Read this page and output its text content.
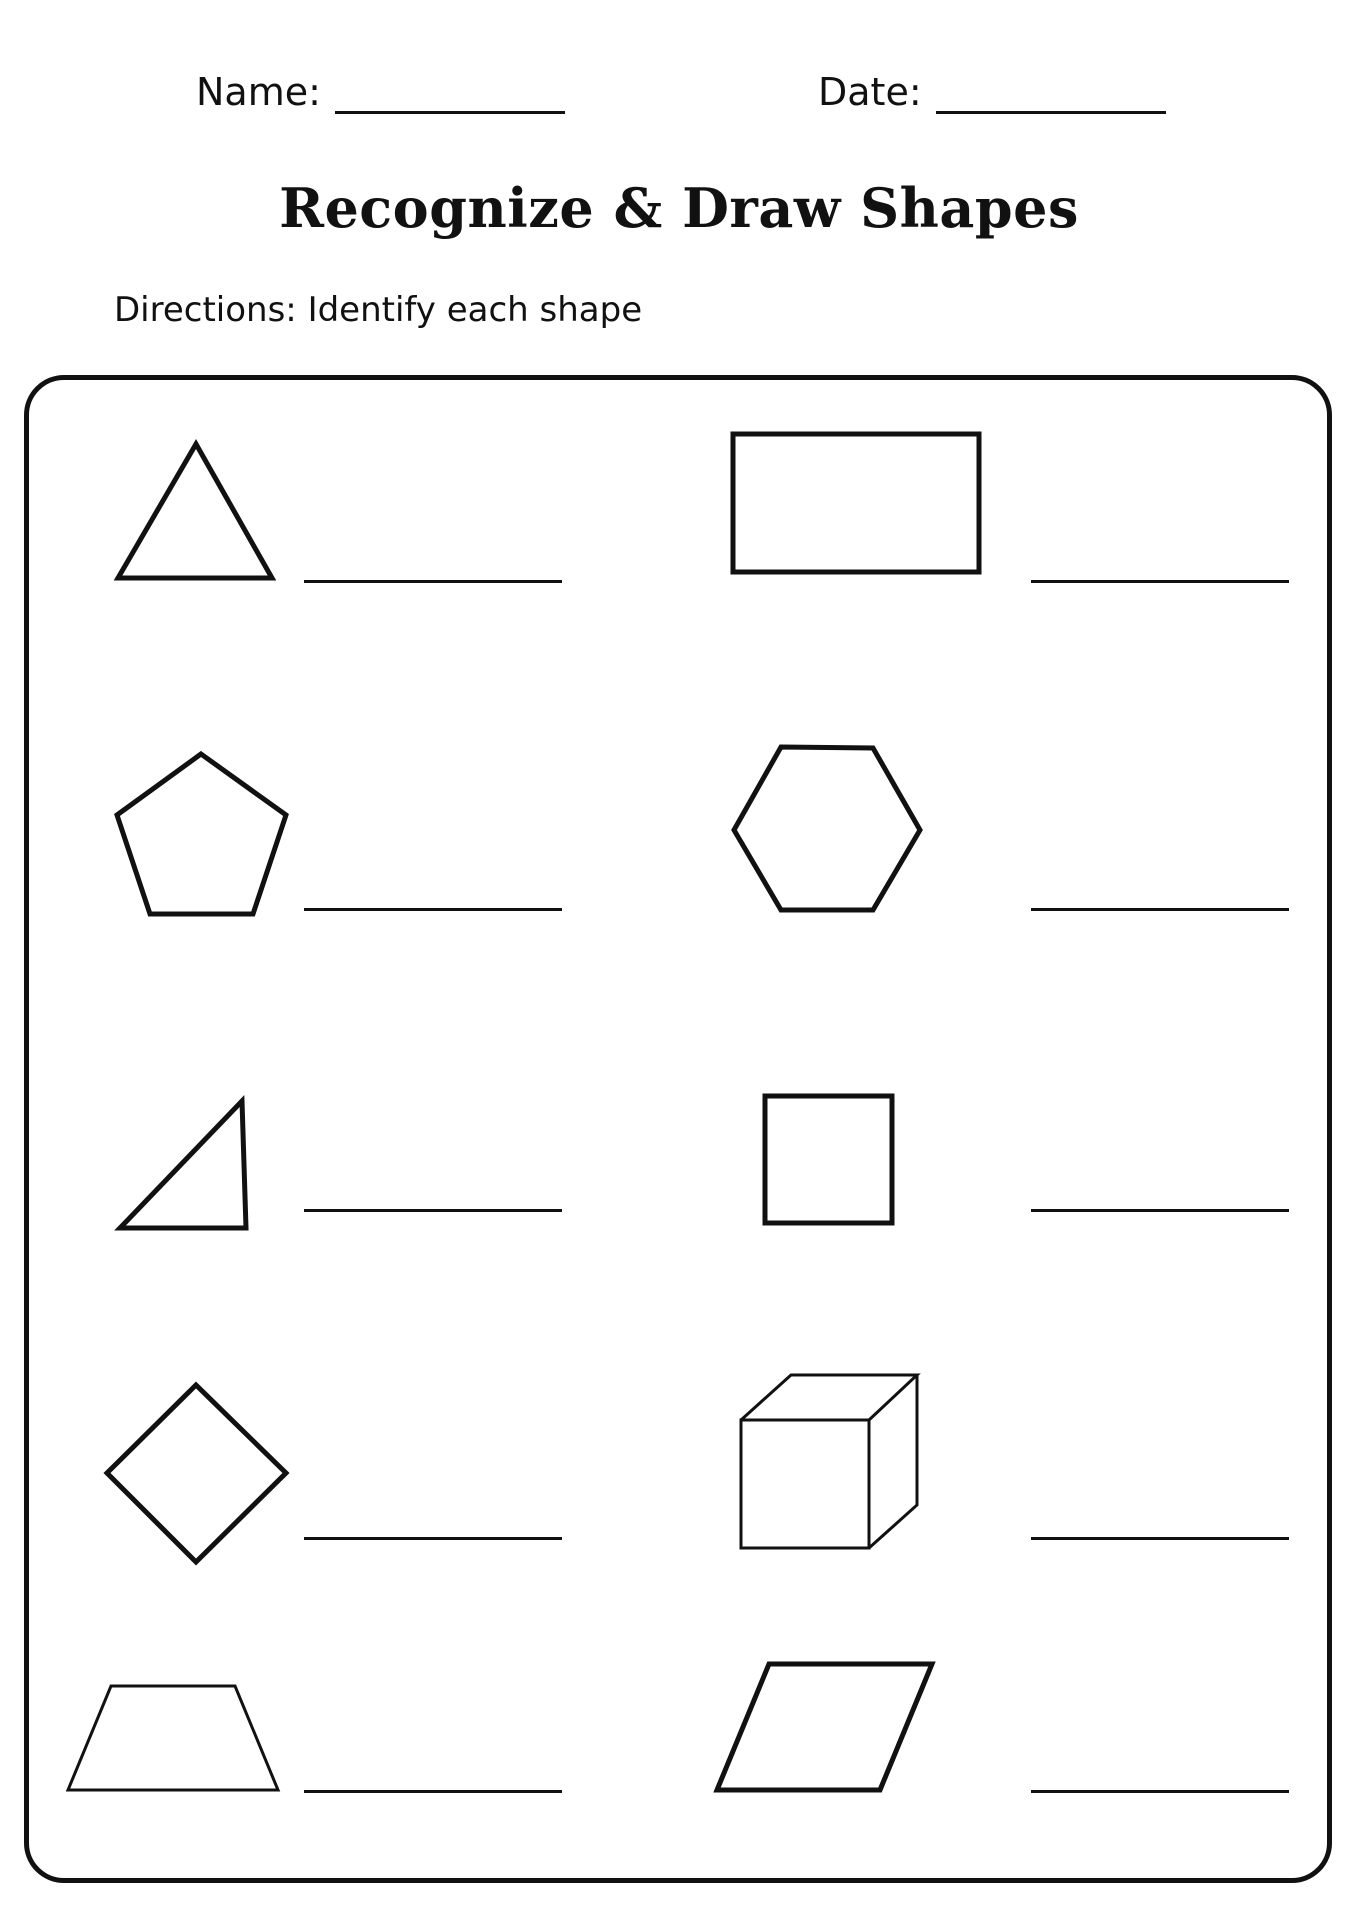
Name:	Date:
Recognize & Draw Shapes
Directions: Identify each shape
